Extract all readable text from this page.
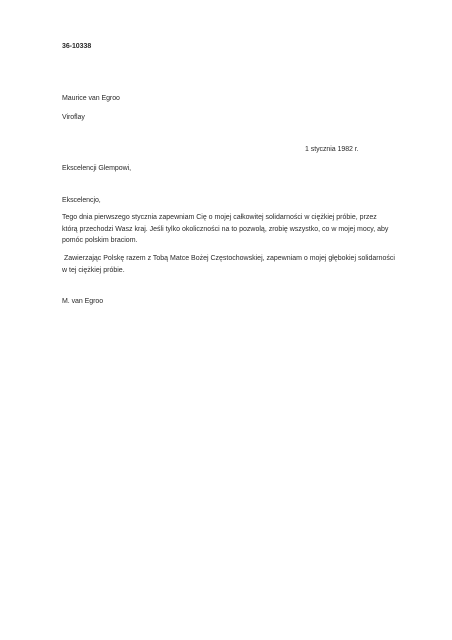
36-10338
Maurice van Egroo
Viroflay
1 stycznia 1982 r.
Ekscelencji Glempowi,
Ekscelencjo,
Tego dnia pierwszego stycznia zapewniam Cię o mojej całkowitej solidarności w ciężkiej próbie, przez
którą przechodzi Wasz kraj. Jeśli tylko okoliczności na to pozwolą, zrobię wszystko, co w mojej mocy, aby
pomóc polskim braciom.
Zawierzając Polskę razem z Tobą Matce Bożej Częstochowskiej, zapewniam o mojej głębokiej solidarności
w tej ciężkiej próbie.
M. van Egroo
